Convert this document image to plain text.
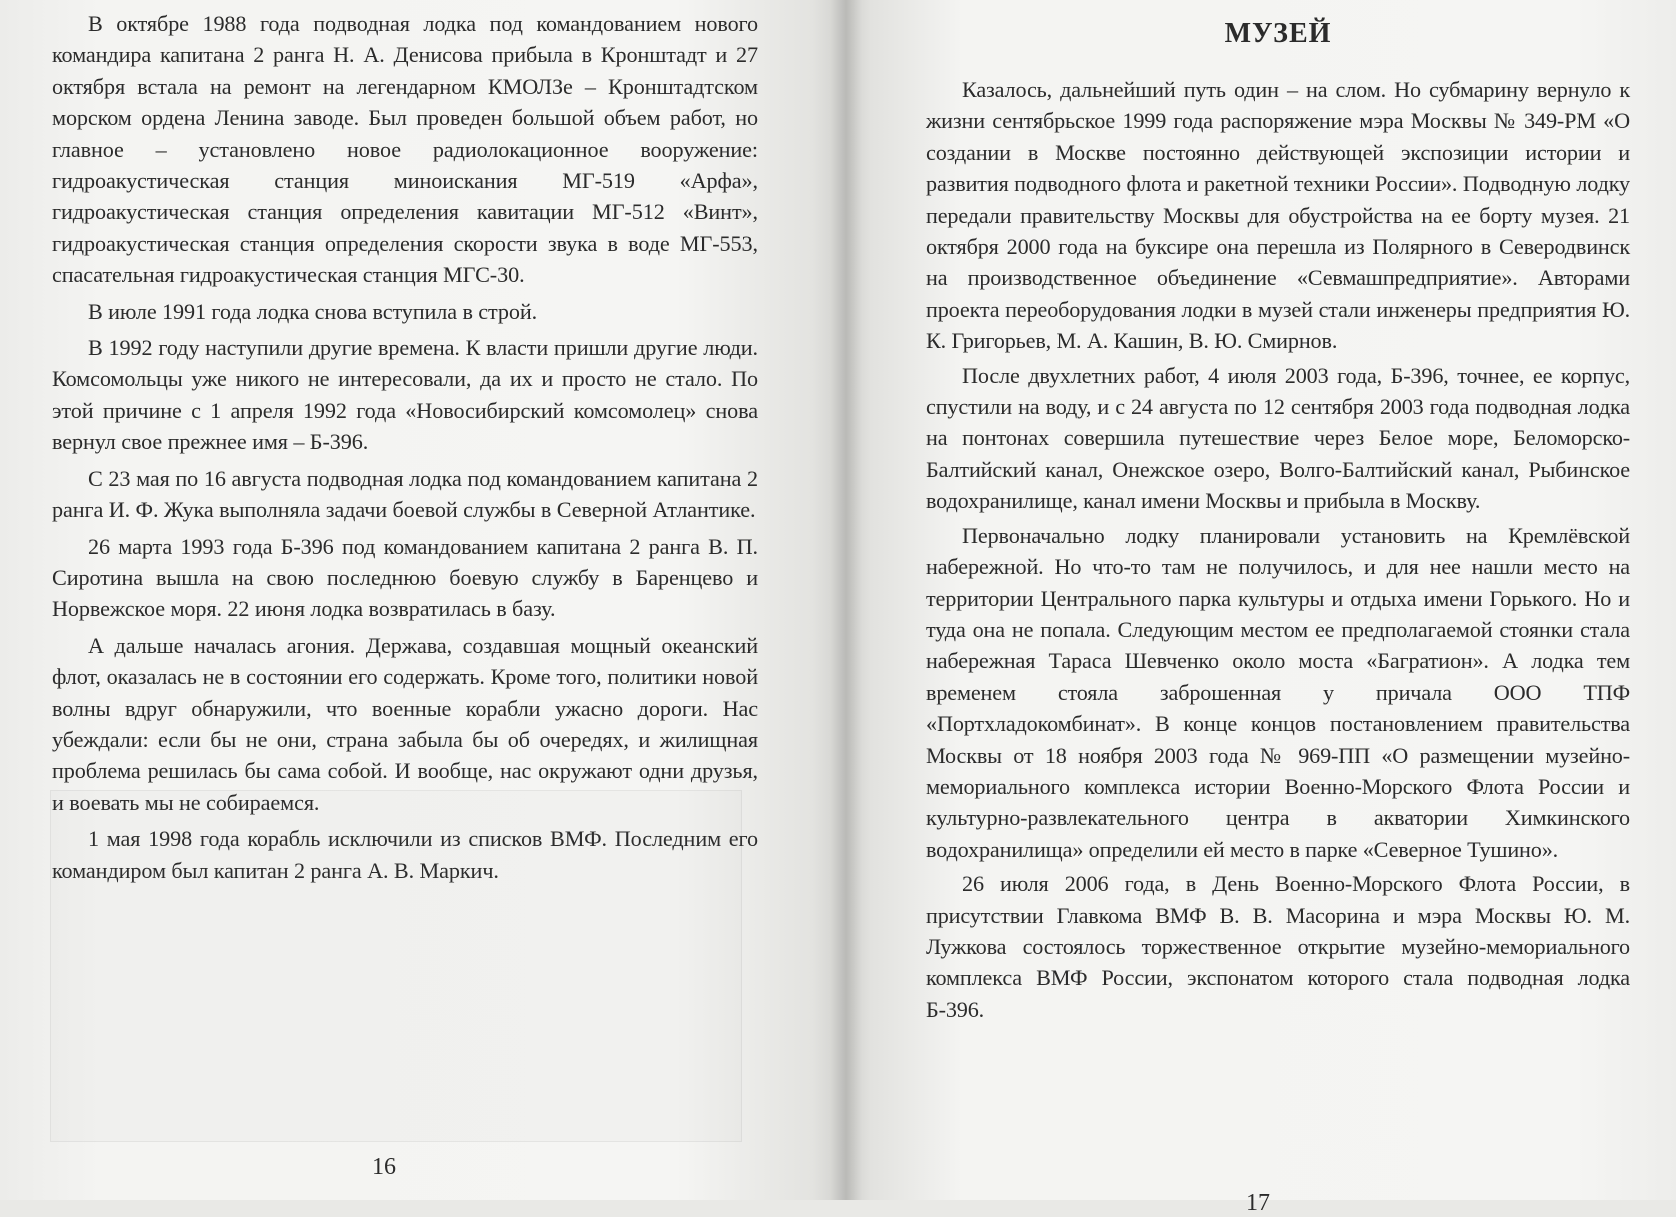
В октябре 1988 года подводная лодка под командованием нового командира капитана 2 ранга Н. А. Денисова прибыла в Кронштадт и 27 октября встала на ремонт на легендарном КМОЛЗе – Кронштадтском морском ордена Ленина заводе. Был проведен большой объем работ, но главное – установлено новое радиолокационное вооружение: гидроакустическая станция миноискания МГ-519 «Арфа», гидроакустическая станция определения кавитации МГ-512 «Винт», гидроакустическая станция определения скорости звука в воде МГ-553, спасательная гидроакустическая станция МГС-30.

В июле 1991 года лодка снова вступила в строй.

В 1992 году наступили другие времена. К власти пришли другие люди. Комсомольцы уже никого не интересовали, да их и просто не стало. По этой причине с 1 апреля 1992 года «Новосибирский комсомолец» снова вернул свое прежнее имя – Б-396.

С 23 мая по 16 августа подводная лодка под командованием капитана 2 ранга И. Ф. Жука выполняла задачи боевой службы в Северной Атлантике.

26 марта 1993 года Б-396 под командованием капитана 2 ранга В. П. Сиротина вышла на свою последнюю боевую службу в Баренцево и Норвежское моря. 22 июня лодка возвратилась в базу.

А дальше началась агония. Держава, создавшая мощный океанский флот, оказалась не в состоянии его содержать. Кроме того, политики новой волны вдруг обнаружили, что военные корабли ужасно дороги. Нас убеждали: если бы не они, страна забыла бы об очередях, и жилищная проблема решилась бы сама собой. И вообще, нас окружают одни друзья, и воевать мы не собираемся.

1 мая 1998 года корабль исключили из списков ВМФ. Последним его командиром был капитан 2 ранга А. В. Маркич.

16
МУЗЕЙ

Казалось, дальнейший путь один – на слом. Но субмарину вернуло к жизни сентябрьское 1999 года распоряжение мэра Москвы № 349-РМ «О создании в Москве постоянно действующей экспозиции истории и развития подводного флота и ракетной техники России». Подводную лодку передали правительству Москвы для обустройства на ее борту музея. 21 октября 2000 года на буксире она перешла из Полярного в Северодвинск на производственное объединение «Севмашпредприятие». Авторами проекта переоборудования лодки в музей стали инженеры предприятия Ю. К. Григорьев, М. А. Кашин, В. Ю. Смирнов.

После двухлетних работ, 4 июля 2003 года, Б-396, точнее, ее корпус, спустили на воду, и с 24 августа по 12 сентября 2003 года подводная лодка на понтонах совершила путешествие через Белое море, Беломорско-Балтийский канал, Онежское озеро, Волго-Балтийский канал, Рыбинское водохранилище, канал имени Москвы и прибыла в Москву.

Первоначально лодку планировали установить на Кремлёвской набережной. Но что-то там не получилось, и для нее нашли место на территории Центрального парка культуры и отдыха имени Горького. Но и туда она не попала. Следующим местом ее предполагаемой стоянки стала набережная Тараса Шевченко около моста «Багратион». А лодка тем временем стояла заброшенная у причала ООО ТПФ «Портхладокомбинат». В конце концов постановлением правительства Москвы от 18 ноября 2003 года № 969-ПП «О размещении музейно-мемориального комплекса истории Военно-Морского Флота России и культурно-развлекательного центра в акватории Химкинского водохранилища» определили ей место в парке «Северное Тушино».

26 июля 2006 года, в День Военно-Морского Флота России, в присутствии Главкома ВМФ В. В. Масорина и мэра Москвы Ю. М. Лужкова состоялось торжественное открытие музейно-мемориального комплекса ВМФ России, экспонатом которого стала подводная лодка Б-396.

17
